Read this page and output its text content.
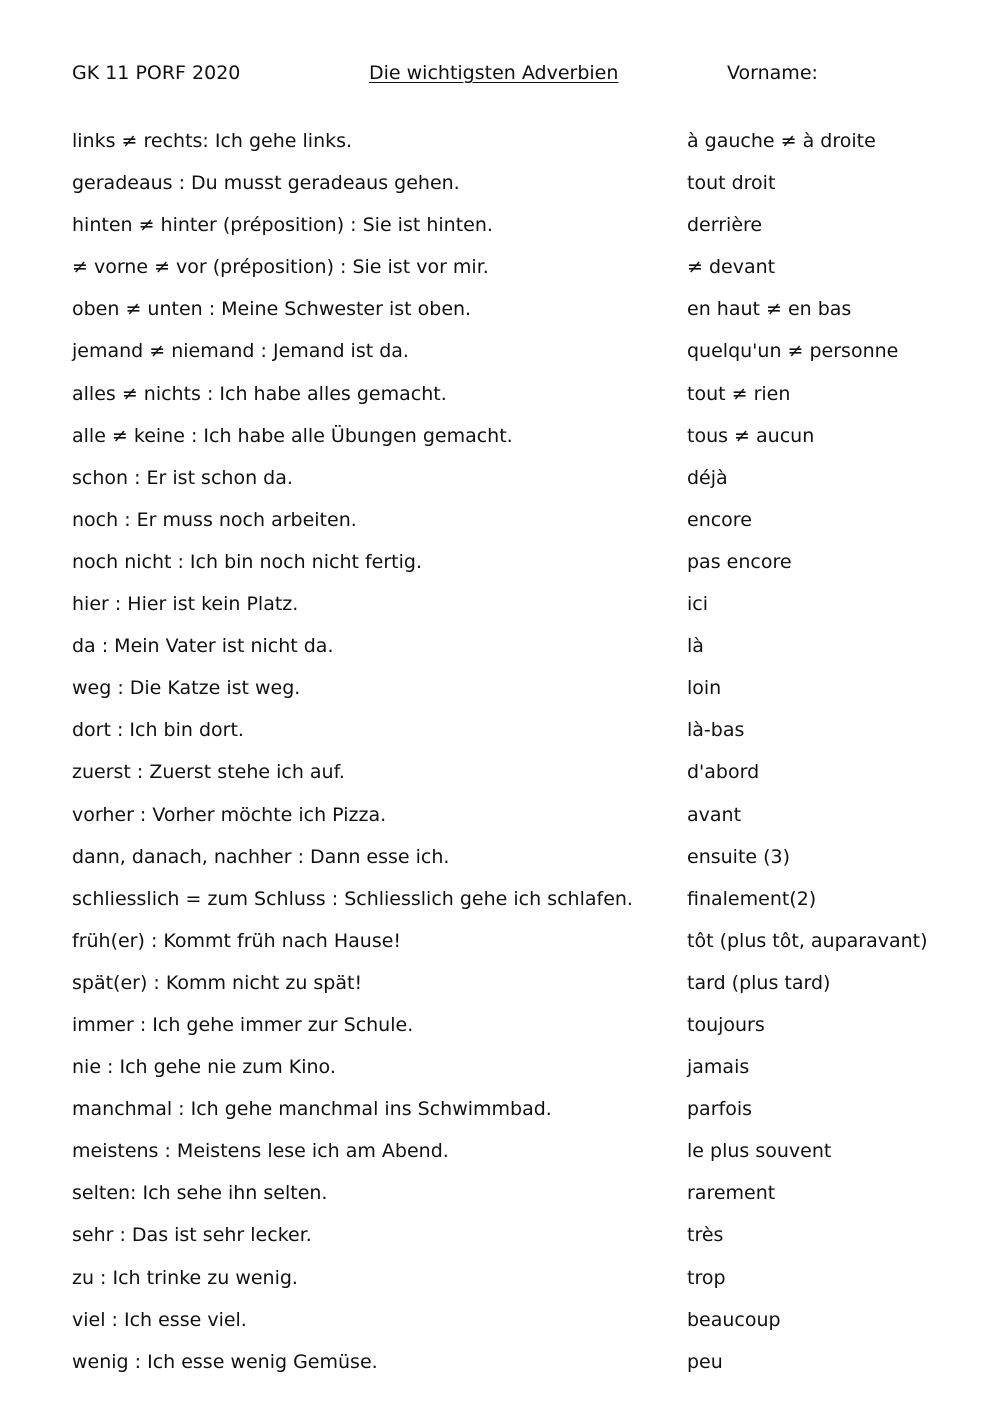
GK 11 PORF 2020	Die wichtigsten Adverbien	Vorname:
links ≠ rechts: Ich gehe links.	à gauche ≠ à droite
geradeaus : Du musst geradeaus gehen.	tout droit
hinten ≠ hinter (préposition) : Sie ist hinten.	derrière
≠ vorne ≠ vor (préposition) : Sie ist vor mir.	≠ devant
oben ≠ unten : Meine Schwester ist oben.	en haut ≠ en bas
jemand ≠ niemand : Jemand ist da.	quelqu'un ≠ personne
alles ≠ nichts : Ich habe alles gemacht.	tout ≠ rien
alle ≠ keine : Ich habe alle Übungen gemacht.	tous ≠ aucun
schon : Er ist schon da.	déjà
noch : Er muss noch arbeiten.	encore
noch nicht : Ich bin noch nicht fertig.	pas encore
hier : Hier ist kein Platz.	ici
da : Mein Vater ist nicht da.	là
weg : Die Katze ist weg.	loin
dort : Ich bin dort.	là-bas
zuerst : Zuerst stehe ich auf.	d'abord
vorher : Vorher möchte ich Pizza.	avant
dann, danach, nachher : Dann esse ich.	ensuite (3)
schliesslich = zum Schluss : Schliesslich gehe ich schlafen.	finalement(2)
früh(er) : Kommt früh nach Hause!	tôt (plus tôt, auparavant)
spät(er) : Komm nicht zu spät!	tard (plus tard)
immer : Ich gehe immer zur Schule.	toujours
nie : Ich gehe nie zum Kino.	jamais
manchmal : Ich gehe manchmal ins Schwimmbad.	parfois
meistens : Meistens lese ich am Abend.	le plus souvent
selten: Ich sehe ihn selten.	rarement
sehr : Das ist sehr lecker.	très
zu : Ich trinke zu wenig.	trop
viel : Ich esse viel.	beaucoup
wenig : Ich esse wenig Gemüse.	peu
